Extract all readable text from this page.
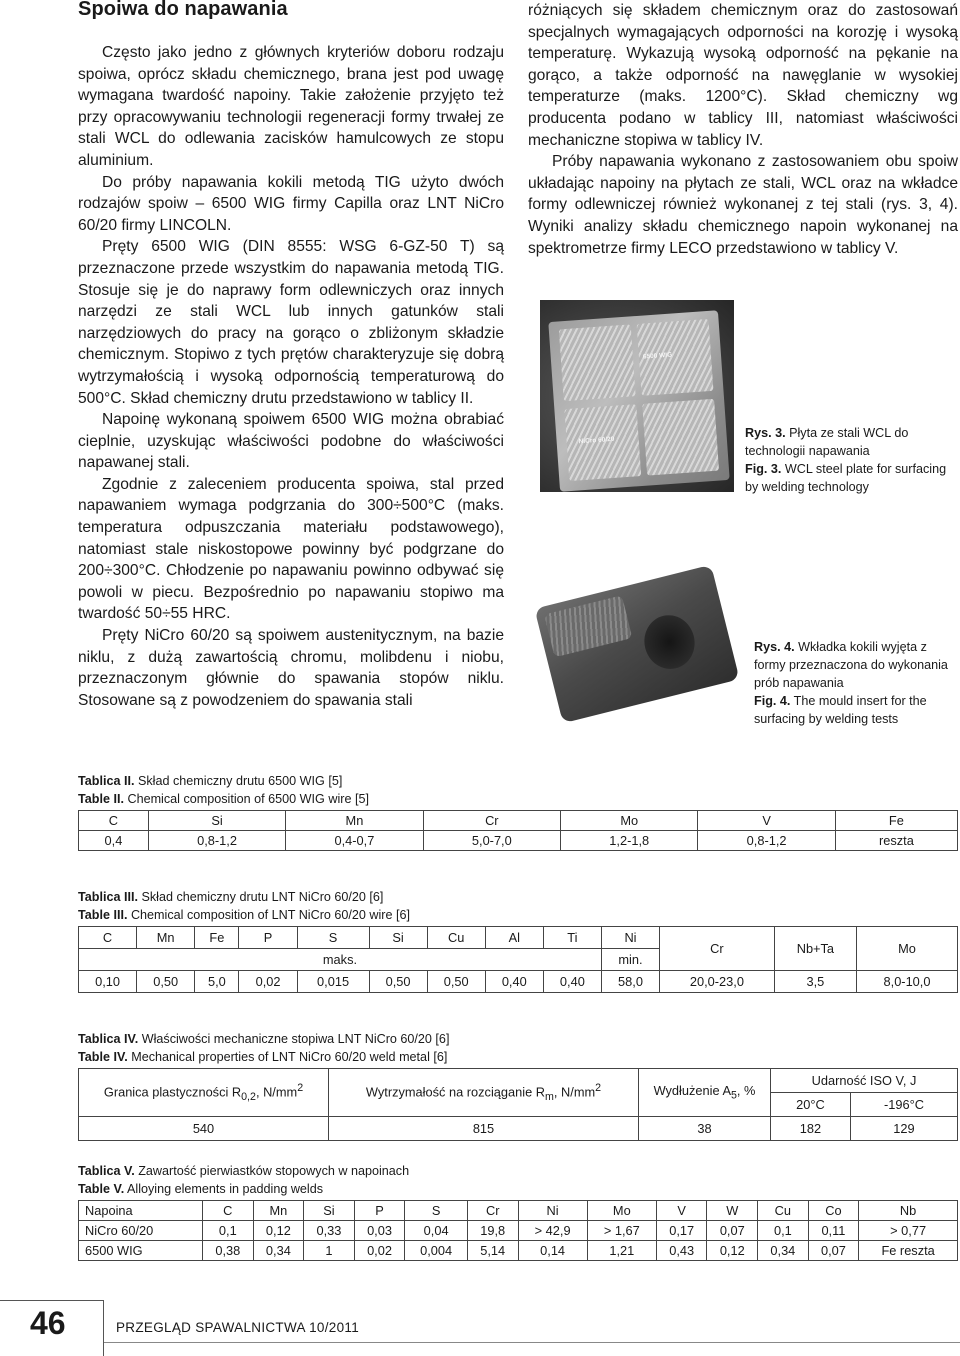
Spoiwa do napawania

Często jako jedno z głównych kryteriów doboru rodzaju spoiwa, oprócz składu chemicznego, brana jest pod uwagę wymagana twardość napoiny. Takie założenie przyjęto też przy opracowywaniu technologii regeneracji formy trwałej ze stali WCL do odlewania zacisków hamulcowych ze stopu aluminium.

Do próby napawania kokili metodą TIG użyto dwóch rodzajów spoiw – 6500 WIG firmy Capilla oraz LNT NiCro 60/20 firmy LINCOLN.

Pręty 6500 WIG (DIN 8555: WSG 6-GZ-50 T) są przeznaczone przede wszystkim do napawania metodą TIG. Stosuje się je do naprawy form odlewniczych oraz innych narzędzi ze stali WCL lub innych gatunków stali narzędziowych do pracy na gorąco o zbliżonym składzie chemicznym. Stopiwo z tych prętów charakteryzuje się dobrą wytrzymałością i wysoką odpornością temperaturową do 500°C. Skład chemiczny drutu przedstawiono w tablicy II.

Napoinę wykonaną spoiwem 6500 WIG można obrabiać cieplnie, uzyskując właściwości podobne do właściwości napawanej stali.

Zgodnie z zaleceniem producenta spoiwa, stal przed napawaniem wymaga podgrzania do 300÷500°C (maks. temperatura odpuszczania materiału podstawowego), natomiast stale niskostopowe powinny być podgrzane do 200÷300°C. Chłodzenie po napawaniu powinno odbywać się powoli w piecu. Bezpośrednio po napawaniu stopiwo ma twardość 50÷55 HRC.

Pręty NiCro 60/20 są spoiwem austenitycznym, na bazie niklu, z dużą zawartością chromu, molibdenu i niobu, przeznaczonym głównie do spawania stopów niklu. Stosowane są z powodzeniem do spawania stali

różniących się składem chemicznym oraz do zastosowań specjalnych wymagających odporności na korozję i wysoką temperaturę. Wykazują wysoką odporność na pękanie na gorąco, a także odporność na nawęglanie w wysokiej temperaturze (maks. 1200°C). Skład chemiczny wg producenta podano w tablicy III, natomiast właściwości mechaniczne stopiwa w tablicy IV.

Próby napawania wykonano z zastosowaniem obu spoiw układając napoiny na płytach ze stali, WCL oraz na wkładce formy odlewniczej również wykonanej z tej stali (rys. 3, 4). Wyniki analizy składu chemicznego napoin wykonanej na spektrometrze firmy LECO przedstawiono w tablicy V.

6500 WIG
NiCro 60/20
Rys. 3. Płyta ze stali WCL do technologii napawania
Fig. 3. WCL steel plate for surfacing by welding technology
Rys. 4. Wkładka kokili wyjęta z formy przeznaczona do wykonania prób napawania
Fig. 4. The mould insert for the surfacing by welding tests
Tablica II. Skład chemiczny drutu 6500 WIG [5]
Table II. Chemical composition of 6500 WIG wire [5]
C	Si	Mn	Cr	Mo	V	Fe
0,4	0,8-1,2	0,4-0,7	5,0-7,0	1,2-1,8	0,8-1,2	reszta
Tablica III. Skład chemiczny drutu LNT NiCro 60/20 [6]
Table III. Chemical composition of LNT NiCro 60/20 wire [6]
C	Mn	Fe	P	S	Si	Cu	Al	Ti	Ni	Cr	Nb+Ta	Mo
maks.									min.			
0,10	0,50	5,0	0,02	0,015	0,50	0,50	0,40	0,40	58,0	20,0-23,0	3,5	8,0-10,0
Tablica IV. Właściwości mechaniczne stopiwa LNT NiCro 60/20 [6]
Table IV. Mechanical properties of LNT NiCro 60/20 weld metal [6]
Granica plastyczności $R_{0,2}$, $N/mm^2$	Wytrzymałość na rozciąganie $R_m$, $N/mm^2$	Wydłużenie $A_5$, %	Udarność ISO V, J	
			20°C	-196°C
540	815	38	182	129
Tablica V. Zawartość pierwiastków stopowych w napoinach
Table V. Alloying elements in padding welds
Napoina	C	Mn	Si	P	S	Cr	Ni	Mo	V	W	Cu	Co	Nb
NiCro 60/20	0,1	0,12	0,33	0,03	0,04	19,8	> 42,9	> 1,67	0,17	0,07	0,1	0,11	> 0,77
6500 WIG	0,38	0,34	1	0,02	0,004	5,14	0,14	1,21	0,43	0,12	0,34	0,07	Fe reszta
46	PRZEGLĄD SPAWALNICTWA 10/2011
